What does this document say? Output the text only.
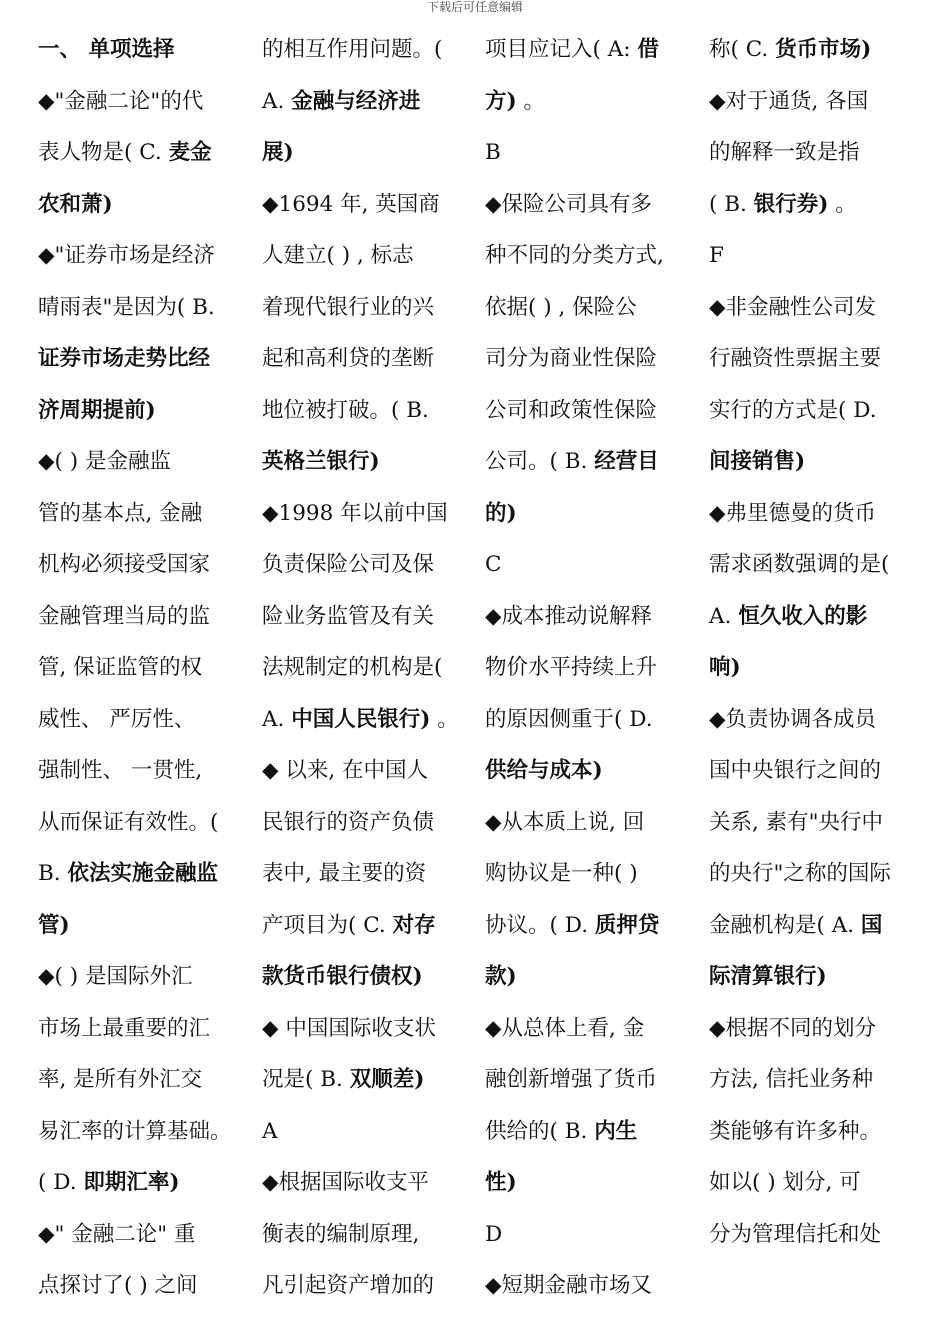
下载后可任意编辑
一、 单项选择
◆"金融二论"的代
表人物是( C. 麦金
农和萧)
◆"证券市场是经济
晴雨表"是因为( B.
证券市场走势比经
济周期提前)
◆( ) 是金融监
管的基本点, 金融
机构必须接受国家
金融管理当局的监
管, 保证监管的权
威性、 严厉性、
强制性、 一贯性,
从而保证有效性。(
B. 依法实施金融监
管)
◆( ) 是国际外汇
市场上最重要的汇
率, 是所有外汇交
易汇率的计算基础。
( D. 即期汇率)
◆" 金融二论" 重
点探讨了( ) 之间
的相互作用问题。(
A. 金融与经济进
展)
◆1694 年, 英国商
人建立( ) , 标志
着现代银行业的兴
起和高利贷的垄断
地位被打破。( B.
英格兰银行)
◆1998 年以前中国
负责保险公司及保
险业务监管及有关
法规制定的机构是(
A. 中国人民银行) 。
◆ 以来, 在中国人
民银行的资产负债
表中, 最主要的资
产项目为( C. 对存
款货币银行债权)
◆ 中国国际收支状
况是( B. 双顺差)
A
◆根据国际收支平
衡表的编制原理,
凡引起资产增加的
项目应记入( A: 借
方) 。
B
◆保险公司具有多
种不同的分类方式,
依据( ) , 保险公
司分为商业性保险
公司和政策性保险
公司。( B. 经营目
的)
C
◆成本推动说解释
物价水平持续上升
的原因侧重于( D.
供给与成本)
◆从本质上说, 回
购协议是一种( )
协议。( D. 质押贷
款)
◆从总体上看, 金
融创新增强了货币
供给的( B. 内生
性)
D
◆短期金融市场又
称( C. 货币市场)
◆对于通货, 各国
的解释一致是指
( B. 银行券) 。
F
◆非金融性公司发
行融资性票据主要
实行的方式是( D.
间接销售)
◆弗里德曼的货币
需求函数强调的是(
A. 恒久收入的影
响)
◆负责协调各成员
国中央银行之间的
关系, 素有"央行中
的央行"之称的国际
金融机构是( A. 国
际清算银行)
◆根据不同的划分
方法, 信托业务种
类能够有许多种。
如以( ) 划分, 可
分为管理信托和处
